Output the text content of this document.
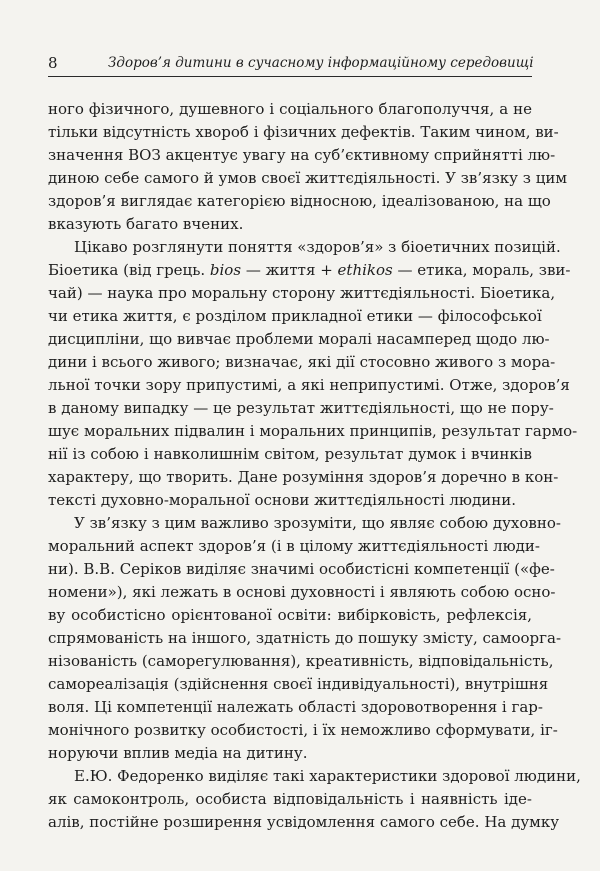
8	Здоров’я дитини в сучасному інформаційному середовищі
ного фізичного, душевного і соціального благополуччя, а не
тільки відсутність хвороб і фізичних дефектів. Таким чином, ви-
значення ВОЗ акцентує увагу на суб’єктивному сприйнятті лю-
диною себе самого й умов своєї життєдіяльності. У зв’язку з цим
здоров’я виглядає категорією відносною, ідеалізованою, на що
вказують багато вчених.
Цікаво розглянути поняття «здоров’я» з біоетичних позицій.
Біоетика (від грець. bios — життя + ethikos — етика, мораль, зви-
чай) — наука про моральну сторону життєдіяльності. Біоетика,
чи етика життя, є розділом прикладної етики — філософської
дисципліни, що вивчає проблеми моралі насамперед щодо лю-
дини і всього живого; визначає, які дії стосовно живого з мора-
льної точки зору припустимі, а які неприпустимі. Отже, здоров’я
в даному випадку — це результат життєдіяльності, що не пору-
шує моральних підвалин і моральних принципів, результат гармо-
нії із собою і навколишнім світом, результат думок і вчинків
характеру, що творить. Дане розуміння здоров’я доречно в кон-
тексті духовно-моральної основи життєдіяльності людини.
У зв’язку з цим важливо зрозуміти, що являє собою духовно-
моральний аспект здоров’я (і в цілому життєдіяльності люди-
ни). В.В. Сеpіков виділяє значимі особистісні компетенції («фе-
номени»), які лежать в основі духовності і являють собою осно-
ву особистісно орієнтованої освіти: вибірковість, рефлексія,
спрямованість на іншого, здатність до пошуку змісту, самоорга-
нізованість (саморегулювання), креативність, відповідальність,
самореалізація (здійснення своєї індивідуальності), внутрішня
воля. Ці компетенції належать області здоровотворення і гар-
монічного розвитку особистості, і їх неможливо сформувати, іг-
норуючи вплив медіа на дитину.
Е.Ю. Федоренко виділяє такі характеристики здорової людини,
як самоконтроль, особиста відповідальність і наявність іде-
алів, постійне розширення усвідомлення самого себе. На думку
